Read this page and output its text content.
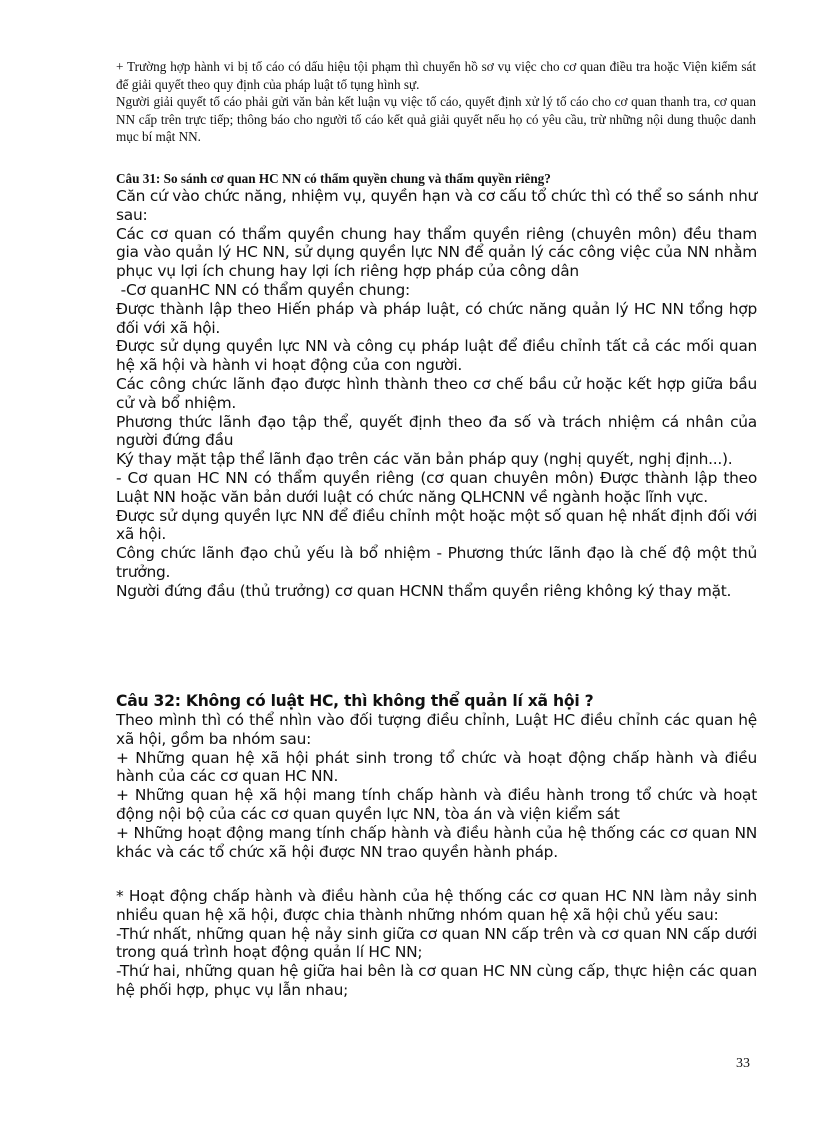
+ Trường hợp hành vi bị tố cáo có dấu hiệu tội phạm thì chuyển hồ sơ vụ việc cho cơ quan điều tra hoặc Viện kiểm sát để giải quyết theo quy định của pháp luật tố tụng hình sự.

Người giải quyết tố cáo phải gửi văn bản kết luận vụ việc tố cáo, quyết định xử lý tố cáo cho cơ quan thanh tra, cơ quan NN cấp trên trực tiếp; thông báo cho người tố cáo kết quả giải quyết nếu họ có yêu cầu, trừ những nội dung thuộc danh mục bí mật NN.

Câu 31: So sánh cơ quan HC NN có thẩm quyền chung và thẩm quyền riêng?

Căn cứ vào chức năng, nhiệm vụ, quyền hạn và cơ cấu tổ chức thì có thể so sánh như sau:

Các cơ quan có thẩm quyền chung hay thẩm quyền riêng (chuyên môn) đều tham gia vào quản lý HC NN, sử dụng quyền lực NN để quản lý các công việc của NN nhằm phục vụ lợi ích chung hay lợi ích riêng hợp pháp của công dân

-Cơ quanHC NN có thẩm quyền chung:

Được thành lập theo Hiến pháp và pháp luật, có chức năng quản lý HC NN tổng hợp đối với xã hội.

Được sử dụng quyền lực NN và công cụ pháp luật để điều chỉnh tất cả các mối quan hệ xã hội và hành vi hoạt động của con người.

Các công chức lãnh đạo được hình thành theo cơ chế bầu cử hoặc kết hợp giữa bầu cử và bổ nhiệm.

Phương thức lãnh đạo tập thể, quyết định theo đa số và trách nhiệm cá nhân của người đứng đầu

Ký thay mặt tập thể lãnh đạo trên các văn bản pháp quy (nghị quyết, nghị định...).

- Cơ quan HC NN có thẩm quyền riêng (cơ quan chuyên môn) Được thành lập theo Luật NN hoặc văn bản dưới luật có chức năng QLHCNN về ngành hoặc lĩnh vực.

Được sử dụng quyền lực NN để điều chỉnh một hoặc một số quan hệ nhất định đối với xã hội.

Công chức lãnh đạo chủ yếu là bổ nhiệm - Phương thức lãnh đạo là chế độ một thủ trưởng.

Người đứng đầu (thủ trưởng) cơ quan HCNN thẩm quyền riêng không ký thay mặt.

Câu 32: Không có luật HC, thì không thể quản lí xã hội ?

Theo mình thì có thể nhìn vào đối tượng điều chỉnh, Luật HC điều chỉnh các quan hệ xã hội, gồm ba nhóm sau:

+ Những quan hệ xã hội phát sinh trong tổ chức và hoạt động chấp hành và điều hành của các cơ quan HC NN.

+ Những quan hệ xã hội mang tính chấp hành và điều hành trong tổ chức và hoạt động nội bộ của các cơ quan quyền lực NN, tòa án và viện kiểm sát

+ Những hoạt động mang tính chấp hành và điều hành của hệ thống các cơ quan NN khác và các tổ chức xã hội được NN trao quyền hành pháp.

* Hoạt động chấp hành và điều hành của hệ thống các cơ quan HC NN làm nảy sinh nhiều quan hệ xã hội, được chia thành những nhóm quan hệ xã hội chủ yếu sau:

-Thứ nhất, những quan hệ nảy sinh giữa cơ quan NN cấp trên và cơ quan NN cấp dưới trong quá trình hoạt động quản lí HC NN;

-Thứ hai, những quan hệ giữa hai bên là cơ quan HC NN cùng cấp, thực hiện các quan hệ phối hợp, phục vụ lẫn nhau;

33
